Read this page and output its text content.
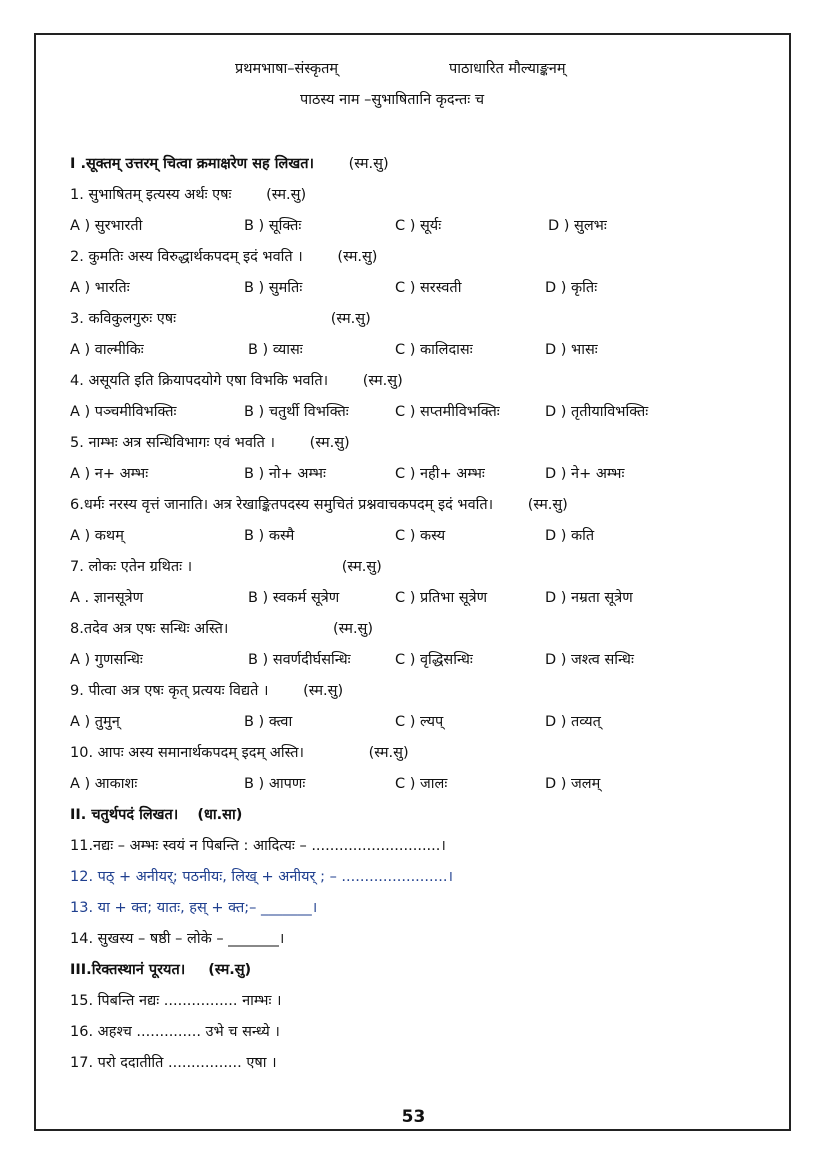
प्रथमभाषा–संस्कृतम्	पाठाधारित मौल्याङ्कनम्
पाठस्य नाम –सुभाषितानि कृदन्तः च
I .सूक्तम् उत्तरम् चित्वा क्रमाक्षरेण सह लिखत। (स्म.सु)
1. सुभाषितम् इत्यस्य अर्थः एषः (स्म.सु)
A ) सुरभारती	B ) सूक्तिः	C ) सूर्यः	D ) सुलभः
2. कुमतिः अस्य विरुद्धार्थकपदम् इदं भवति । (स्म.सु)
A ) भारतिः	B ) सुमतिः	C ) सरस्वती	D ) कृतिः
3. कविकुलगुरुः एषः	(स्म.सु)
A ) वाल्मीकिः	B ) व्यासः	C ) कालिदासः	D ) भासः
4. असूयति इति क्रियापदयोगे एषा विभकि भवति। (स्म.सु)
A ) पञ्चमीविभक्तिः	B ) चतुर्थी विभक्तिः	C ) सप्तमीविभक्तिः	D ) तृतीयाविभक्तिः
5. नाम्भः अत्र सन्धिविभागः एवं भवति । (स्म.सु)
A ) न+ अम्भः	B ) नो+ अम्भः	C ) नही+ अम्भः	D ) ने+ अम्भः
6.धर्मः नरस्य वृत्तं जानाति। अत्र रेखाङ्कितपदस्य समुचितं प्रश्नवाचकपदम् इदं भवति। (स्म.सु)
A ) कथम्	B ) कस्मै	C ) कस्य	D ) कति
7. लोकः एतेन ग्रथितः ।	(स्म.सु)
A . ज्ञानसूत्रेण	B ) स्वकर्म सूत्रेण	C ) प्रतिभा सूत्रेण	D ) नम्रता सूत्रेण
8.तदेव अत्र एषः सन्धिः अस्ति।	(स्म.सु)
A ) गुणसन्धिः	B ) सवर्णदीर्घसन्धिः	C ) वृद्धिसन्धिः	D ) जश्त्व सन्धिः
9. पीत्वा अत्र एषः कृत् प्रत्ययः विद्यते । (स्म.सु)
A ) तुमुन्	B ) क्त्वा	C ) ल्यप्	D ) तव्यत्
10. आपः अस्य समानार्थकपदम् इदम् अस्ति।	(स्म.सु)
A ) आकाशः	B ) आपणः	C ) जालः	D ) जलम्
II. चतुर्थपदं लिखत। (धा.सा)
11.नद्यः – अम्भः स्वयं न पिबन्ति : आदित्यः – ............................।
12. पठ् + अनीयर्; पठनीयः, लिख् + अनीयर् ; – .......................।
13. या + क्त; यातः, हस् + क्त;– _______।
14. सुखस्य – षष्ठी – लोके – _______।
III.रिक्तस्थानं पूरयत। (स्म.सु)
15. पिबन्ति नद्यः ................ नाम्भः ।
16. अहश्च .............. उभे च सन्ध्ये ।
17. परो ददातीति ................ एषा ।
53
